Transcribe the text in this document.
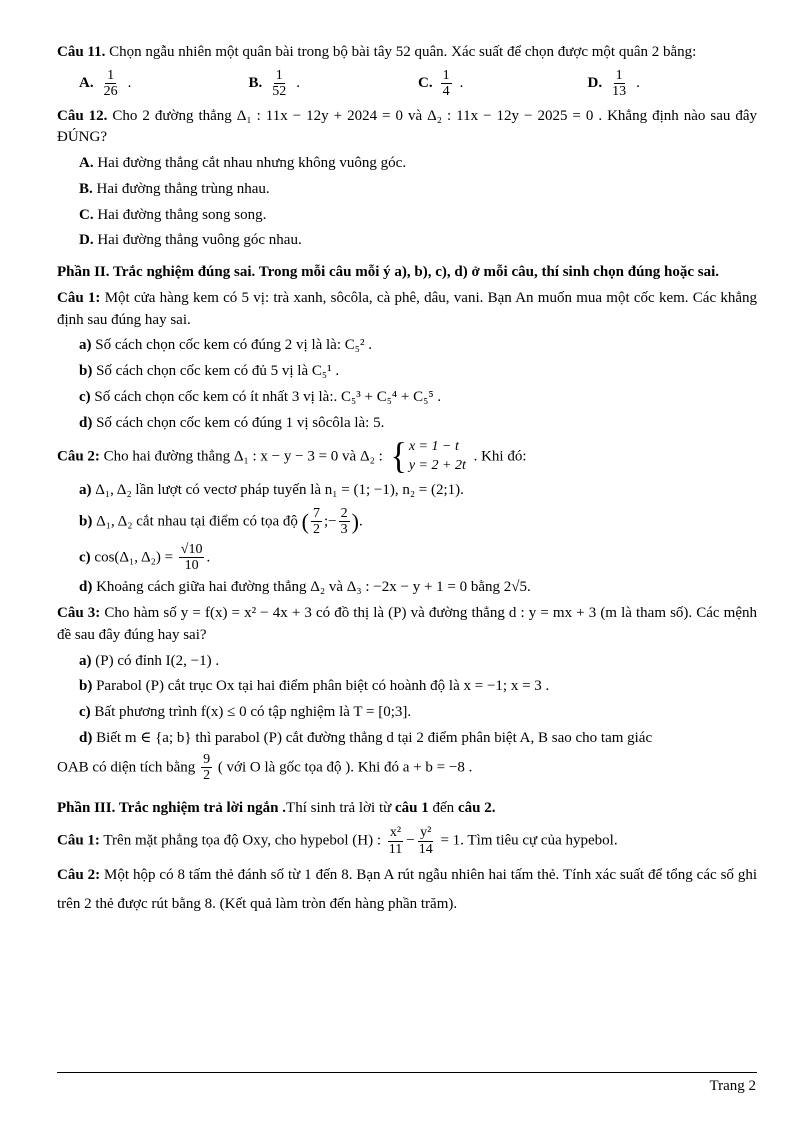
Câu 11. Chọn ngẫu nhiên một quân bài trong bộ bài tây 52 quân. Xác suất để chọn được một quân 2 bằng:

A. $\frac{1}{26}$ .	B. $\frac{1}{52}$ .	C. $\frac{1}{4}$ .	D. $\frac{1}{13}$ .

Câu 12. Cho 2 đường thẳng Δ₁ : 11x − 12y + 2024 = 0 và Δ₂ : 11x − 12y − 2025 = 0 . Khẳng định nào sau đây ĐÚNG?

A. Hai đường thẳng cắt nhau nhưng không vuông góc.

B. Hai đường thẳng trùng nhau.

C. Hai đường thẳng song song.

D. Hai đường thẳng vuông góc nhau.

Phần II. Trắc nghiệm đúng sai. Trong mỗi câu mỗi ý a), b), c), d) ở mỗi câu, thí sinh chọn đúng hoặc sai.

Câu 1: Một cửa hàng kem có 5 vị: trà xanh, sôcôla, cà phê, dâu, vani. Bạn An muốn mua một cốc kem. Các khẳng định sau đúng hay sai.

a) Số cách chọn cốc kem có đúng 2 vị là là: C₅² .

b) Số cách chọn cốc kem có đủ 5 vị là C₅¹ .

c) Số cách chọn cốc kem có ít nhất 3 vị là:. C₅³ + C₅⁴ + C₅⁵ .

d) Số cách chọn cốc kem có đúng 1 vị sôcôla là: 5.

Câu 2: Cho hai đường thẳng Δ₁ : x − y − 3 = 0 và Δ₂ : { x = 1 − t
y = 2 + 2t
. Khi đó:

a) Δ₁, Δ₂ lần lượt có vectơ pháp tuyến là n₁ = (1; −1), n₂ = (2;1).

b) Δ₁, Δ₂ cắt nhau tại điểm có tọa độ ( $\frac{7}{2}$ ;− $\frac{2}{3}$ ).

c) cos(Δ₁, $\Delta_2) = \frac{√10}{10}$ .

d) Khoảng cách giữa hai đường thẳng Δ₂ và Δ₃ : −2x − y + 1 = 0 bằng 2√5.

Câu 3: Cho hàm số y = f(x) = x² − 4x + 3 có đồ thị là (P) và đường thẳng d : y = mx + 3 (m là tham số). Các mệnh đề sau đây đúng hay sai?

a) (P) có đỉnh I(2, −1) .

b) Parabol (P) cắt trục Ox tại hai điểm phân biệt có hoành độ là x = −1; x = 3 .

c) Bất phương trình f(x) ≤ 0 có tập nghiệm là T = [0;3].

d) Biết m ∈ {a; b} thì parabol (P) cắt đường thẳng d tại 2 điểm phân biệt A, B sao cho tam giác

OAB có diện tích bằng $\frac{9}{2}$ ( với O là gốc tọa độ ). Khi đó a + b = −8 .

Phần III. Trắc nghiệm trả lời ngắn .Thí sinh trả lời từ câu 1 đến câu 2.

Câu 1: Trên mặt phẳng tọa độ Oxy, cho hypebol (H) : $\frac{\text{x²}}{11} - \frac{\text{y²}}{14} = 1$. Tìm tiêu cự của hypebol.

Câu 2: Một hộp có 8 tấm thẻ đánh số từ 1 đến 8. Bạn A rút ngẫu nhiên hai tấm thẻ. Tính xác suất để tổng các số ghi trên 2 thẻ được rút bằng 8. (Kết quả làm tròn đến hàng phần trăm).

Trang 2
